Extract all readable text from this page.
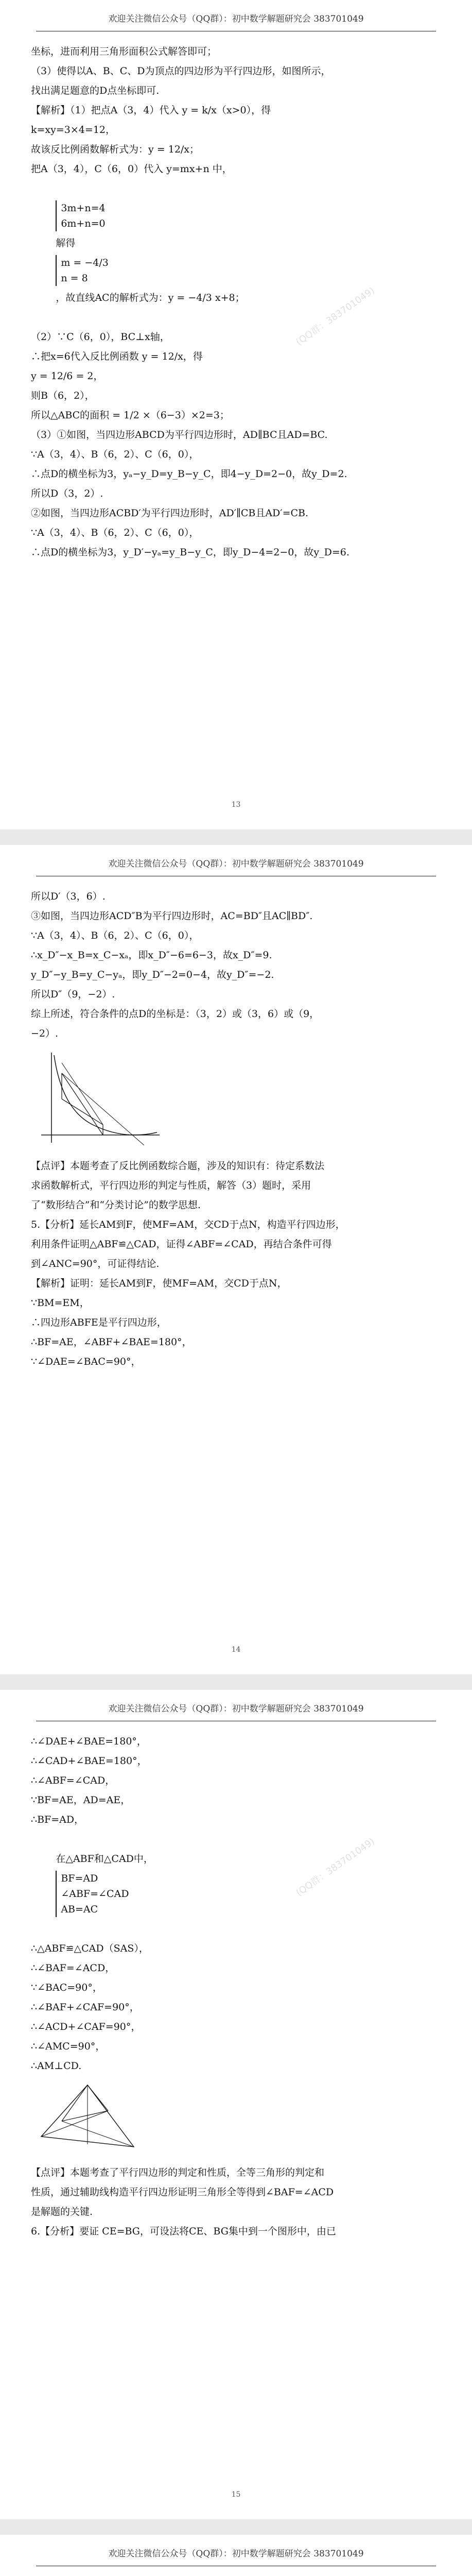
欢迎关注微信公众号（QQ群）：初中数学解题研究会 383701049

坐标，进而利用三角形面积公式解答即可；

（3）使得以A、B、C、D为顶点的四边形为平行四边形，如图所示，

找出满足题意的D点坐标即可.

【解析】（1）把点A（3，4）代入 y = k/x（x>0），得

k=xy=3×4=12，

故该反比例函数解析式为：y = 12/x；

把A（3，4），C（6，0）代入 y=mx+n 中，

3m+n=4
6m+n=0
解得
m = −4/3
n = 8
，故直线AC的解析式为：y = −4/3 x+8；

（2）∵C（6，0），BC⊥x轴，

∴把x=6代入反比例函数 y = 12/x，得

y = 12/6 = 2，

则B（6，2），

所以△ABC的面积 = 1/2 ×（6−3）×2=3；

（3）①如图，当四边形ABCD为平行四边形时，AD∥BC且AD=BC.

∵A（3，4）、B（6，2）、C（6，0），

∴点D的横坐标为3，yₐ−y_D=y_B−y_C，即4−y_D=2−0，故y_D=2.

所以D（3，2）.

②如图，当四边形ACBD′为平行四边形时，AD′∥CB且AD′=CB.

∵A（3，4）、B（6，2）、C（6，0），

∴点D的横坐标为3，y_D′−yₐ=y_B−y_C，即y_D−4=2−0，故y_D=6.

(QQ群：383701049)
13
欢迎关注微信公众号（QQ群）：初中数学解题研究会 383701049

所以D′（3，6）.

③如图，当四边形ACD″B为平行四边形时，AC=BD″且AC∥BD″.

∵A（3，4）、B（6，2）、C（6，0），

∴x_D″−x_B=x_C−xₐ，即x_D″−6=6−3，故x_D″=9.

y_D″−y_B=y_C−yₐ，即y_D″−2=0−4，故y_D″=−2.

所以D″（9，−2）.

综上所述，符合条件的点D的坐标是：（3，2）或（3，6）或（9，

−2）.

【点评】本题考查了反比例函数综合题，涉及的知识有：待定系数法

求函数解析式，平行四边形的判定与性质，解答（3）题时，采用

了“数形结合”和“分类讨论”的数学思想.

5.【分析】延长AM到F，使MF=AM，交CD于点N，构造平行四边形，

利用条件证明△ABF≌△CAD，证得∠ABF=∠CAD，再结合条件可得

到∠ANC=90°，可证得结论.

【解析】证明：延长AM到F，使MF=AM，交CD于点N，

∵BM=EM，

∴四边形ABFE是平行四边形，

∴BF=AE，∠ABF+∠BAE=180°，

∵∠DAE=∠BAC=90°，

14
欢迎关注微信公众号（QQ群）：初中数学解题研究会 383701049

∴∠DAE+∠BAE=180°，

∴∠CAD+∠BAE=180°，

∴∠ABF=∠CAD，

∵BF=AE，AD=AE，

∴BF=AD，

在△ABF和△CAD中，
BF=AD
∠ABF=∠CAD
AB=AC

∴△ABF≌△CAD（SAS），

∴∠BAF=∠ACD，

∵∠BAC=90°，

∴∠BAF+∠CAF=90°，

∴∠ACD+∠CAF=90°，

∴∠AMC=90°，

∴AM⊥CD.

【点评】本题考查了平行四边形的判定和性质，全等三角形的判定和

性质，通过辅助线构造平行四边形证明三角形全等得到∠BAF=∠ACD

是解题的关键.

6.【分析】要证 CE=BG，可设法将CE、BG集中到一个图形中，由已

(QQ群：383701049)
15
欢迎关注微信公众号（QQ群）：初中数学解题研究会 383701049
